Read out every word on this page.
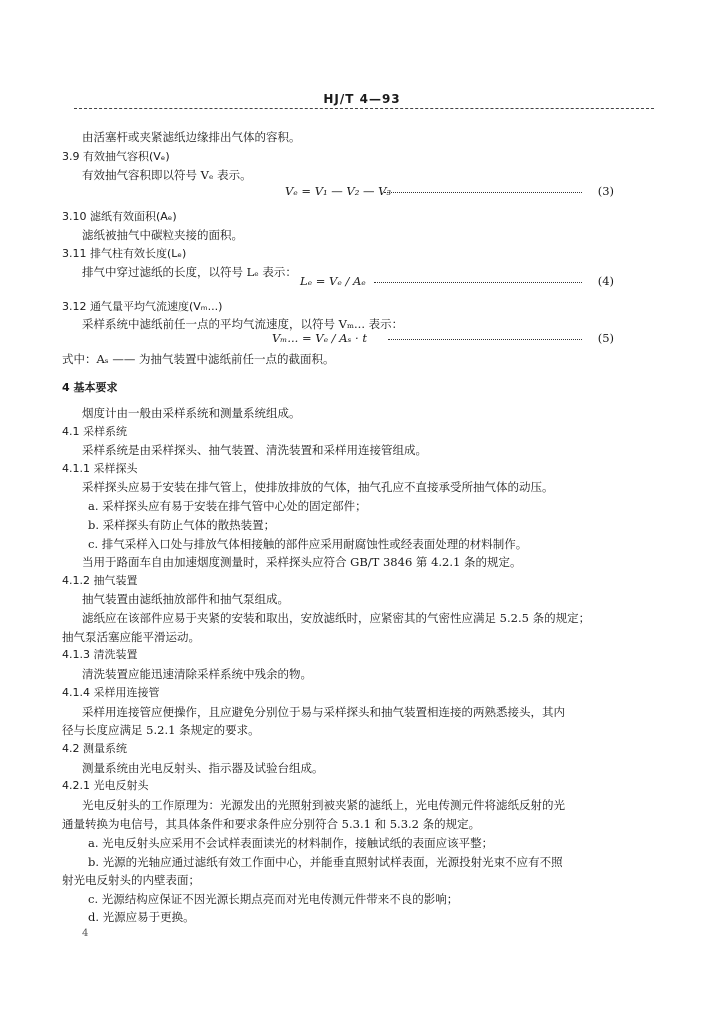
HJ/T 4—93
由活塞杆或夹紧滤纸边缘排出气体的容积。
3.9 有效抽气容积(Vₑ)
有效抽气容积即以符号 Vₑ 表示。
Vₑ = V₁ — V₂ — V₃	(3)
3.10 滤纸有效面积(Aₑ)
滤纸被抽气中碳粒夹接的面积。
3.11 排气柱有效长度(Lₑ)
排气中穿过滤纸的长度，以符号 Lₑ 表示：
Lₑ = Vₑ / Aₑ	(4)
3.12 通气量平均气流速度(Vₘ...)
采样系统中滤纸前任一点的平均气流速度，以符号 Vₘ... 表示：
Vₘ... = Vₑ / Aₛ · t	(5)
式中：Aₛ —— 为抽气装置中滤纸前任一点的截面积。
4 基本要求
烟度计由一般由采样系统和测量系统组成。
4.1 采样系统
采样系统是由采样探头、抽气装置、清洗装置和采样用连接管组成。
4.1.1 采样探头
采样探头应易于安装在排气管上，使排放排放的气体，抽气孔应不直接承受所抽气体的动压。
a. 采样探头应有易于安装在排气管中心处的固定部件；
b. 采样探头有防止气体的散热装置；
c. 排气采样入口处与排放气体相接触的部件应采用耐腐蚀性或经表面处理的材料制作。
当用于路面车自由加速烟度测量时，采样探头应符合 GB/T 3846 第 4.2.1 条的规定。
4.1.2 抽气装置
抽气装置由滤纸抽放部件和抽气泵组成。
滤纸应在该部件应易于夹紧的安装和取出，安放滤纸时，应紧密其的气密性应满足 5.2.5 条的规定；
抽气泵活塞应能平滑运动。
4.1.3 清洗装置
清洗装置应能迅速清除采样系统中残余的物。
4.1.4 采样用连接管
采样用连接管应便操作，且应避免分别位于易与采样探头和抽气装置相连接的两熟悉接头，其内
径与长度应满足 5.2.1 条规定的要求。
4.2 测量系统
测量系统由光电反射头、指示器及试验台组成。
4.2.1 光电反射头
光电反射头的工作原理为：光源发出的光照射到被夹紧的滤纸上，光电传测元件将滤纸反射的光
通量转换为电信号，其具体条件和要求条件应分别符合 5.3.1 和 5.3.2 条的规定。
a. 光电反射头应采用不会试样表面读光的材料制作，接触试纸的表面应该平整；
b. 光源的光轴应通过滤纸有效工作面中心，并能垂直照射试样表面，光源投射光束不应有不照
射光电反射头的内壁表面；
c. 光源结构应保证不因光源长期点亮而对光电传测元件带来不良的影响；
d. 光源应易于更换。
4
